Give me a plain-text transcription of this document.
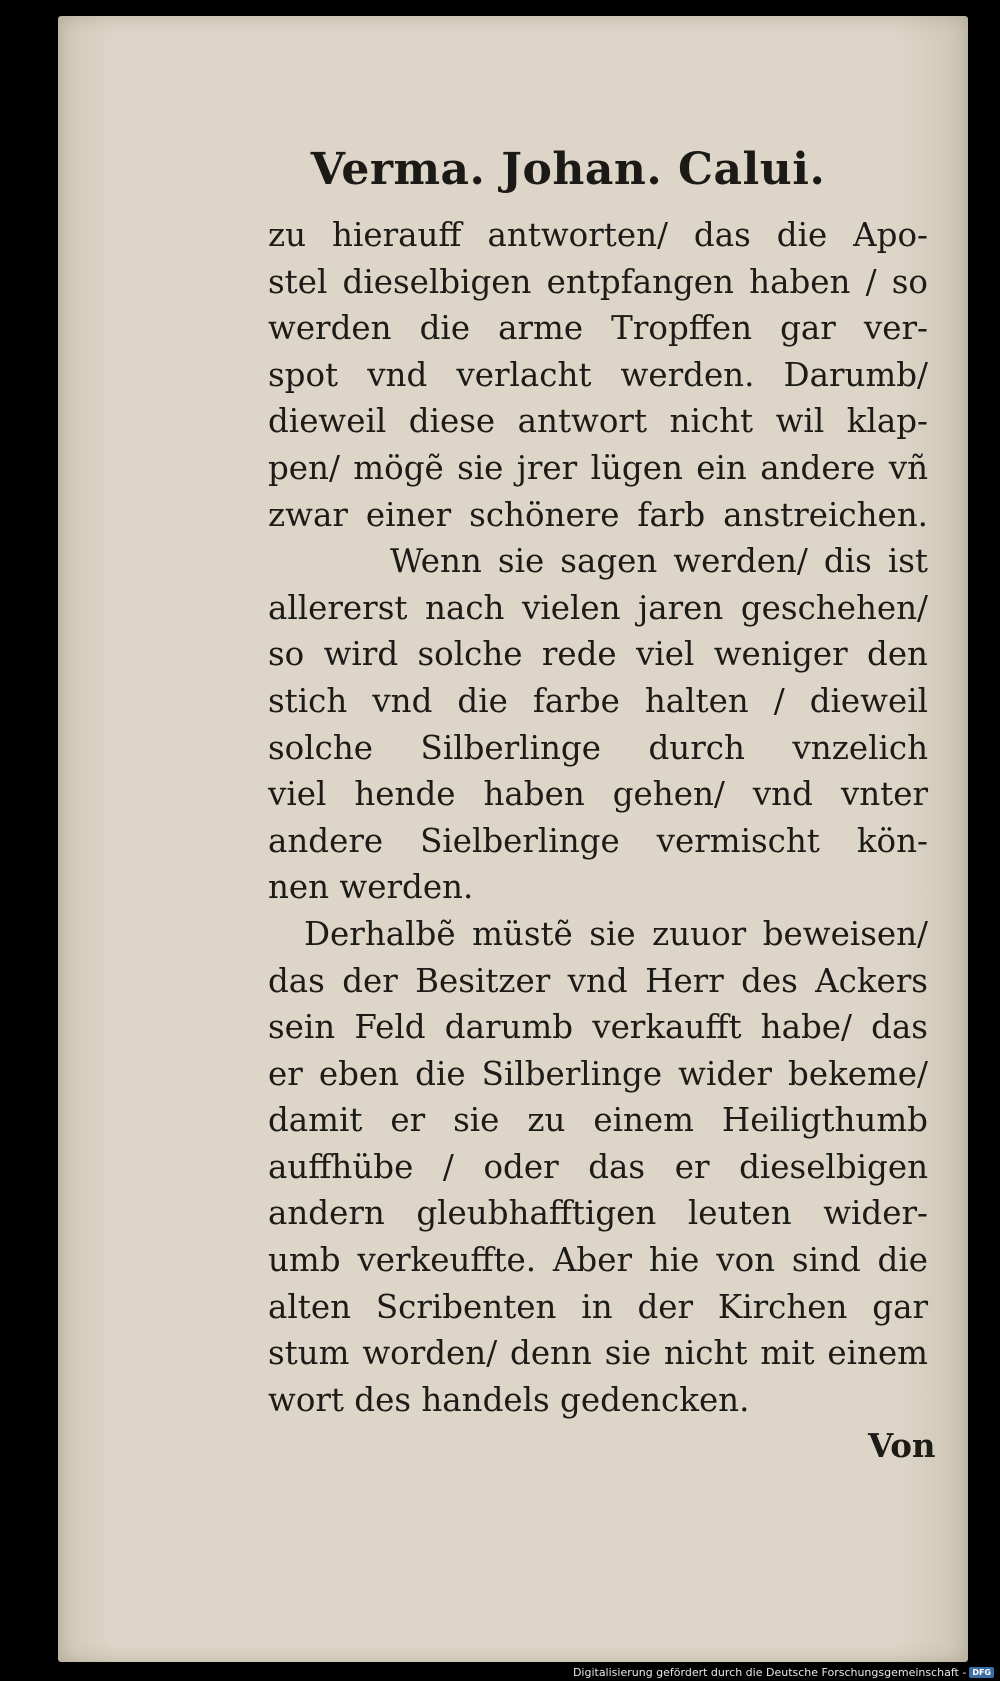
Verma. Johan. Calui.
zu hierauff antworten/ das die Apo-
stel dieselbigen entpfangen haben / so
werden die arme Tropffen gar ver-
spot vnd verlacht werden. Darumb/
dieweil diese antwort nicht wil klap-
pen/ mögẽ sie jrer lügen ein andere vñ
zwar einer schönere farb anstreichen.
Wenn sie sagen werden/ dis ist
allererst nach vielen jaren geschehen/
so wird solche rede viel weniger den
stich vnd die farbe halten / dieweil
solche Silberlinge durch vnzelich
viel hende haben gehen/ vnd vnter
andere Sielberlinge vermischt kön-
nen werden.
Derhalbẽ müstẽ sie zuuor beweisen/
das der Besitzer vnd Herr des Ackers
sein Feld darumb verkaufft habe/ das
er eben die Silberlinge wider bekeme/
damit er sie zu einem Heiligthumb
auffhübe / oder das er dieselbigen
andern gleubhafftigen leuten wider-
umb verkeuffte. Aber hie von sind die
alten Scribenten in der Kirchen gar
stum worden/ denn sie nicht mit einem
wort des handels gedencken.
Von
Digitalisierung gefördert durch die Deutsche Forschungsgemeinschaft - DFG
